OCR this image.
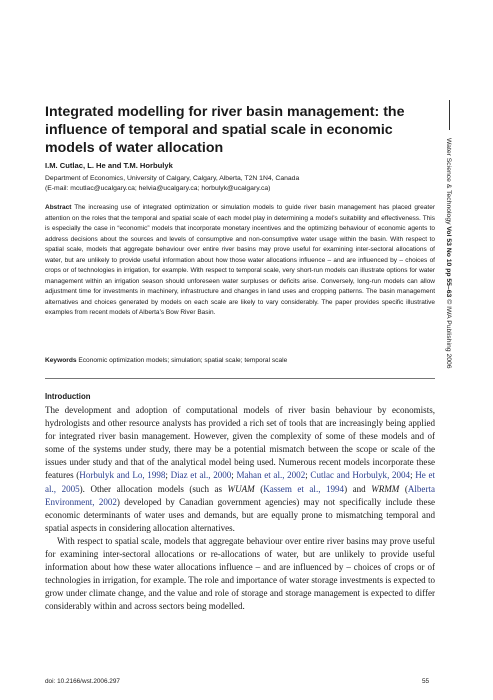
Integrated modelling for river basin management: the influence of temporal and spatial scale in economic models of water allocation
I.M. Cutlac, L. He and T.M. Horbulyk
Department of Economics, University of Calgary, Calgary, Alberta, T2N 1N4, Canada
(E-mail: mcutlac@ucalgary.ca; helvia@ucalgary.ca; horbulyk@ucalgary.ca)
Abstract The increasing use of integrated optimization or simulation models to guide river basin management has placed greater attention on the roles that the temporal and spatial scale of each model play in determining a model’s suitability and effectiveness. This is especially the case in “economic” models that incorporate monetary incentives and the optimizing behaviour of economic agents to address decisions about the sources and levels of consumptive and non-consumptive water usage within the basin. With respect to spatial scale, models that aggregate behaviour over entire river basins may prove useful for examining inter-sectoral allocations of water, but are unlikely to provide useful information about how those water allocations influence – and are influenced by – choices of crops or of technologies in irrigation, for example. With respect to temporal scale, very short-run models can illustrate options for water management within an irrigation season should unforeseen water surpluses or deficits arise. Conversely, long-run models can allow adjustment time for investments in machinery, infrastructure and changes in land uses and cropping patterns. The basin management alternatives and choices generated by models on each scale are likely to vary considerably. The paper provides specific illustrative examples from recent models of Alberta’s Bow River Basin.
Keywords Economic optimization models; simulation; spatial scale; temporal scale
Introduction

The development and adoption of computational models of river basin behaviour by economists, hydrologists and other resource analysts has provided a rich set of tools that are increasingly being applied for integrated river basin management. However, given the complexity of some of these models and of some of the systems under study, there may be a potential mismatch between the scope or scale of the issues under study and that of the analytical model being used. Numerous recent models incorporate these features (Horbulyk and Lo, 1998; Diaz et al., 2000; Mahan et al., 2002; Cutlac and Horbulyk, 2004; He et al., 2005). Other allocation models (such as WUAM (Kassem et al., 1994) and WRMM (Alberta Environment, 2002) developed by Canadian government agencies) may not specifically include these economic determinants of water uses and demands, but are equally prone to mismatching temporal and spatial aspects in considering allocation alternatives.

With respect to spatial scale, models that aggregate behaviour over entire river basins may prove useful for examining inter-sectoral allocations or re-allocations of water, but are unlikely to provide useful information about how these water allocations influence – and are influenced by – choices of crops or of technologies in irrigation, for example. The role and importance of water storage investments is expected to grow under climate change, and the value and role of storage and storage management is expected to differ considerably within and across sectors being modelled.

doi: 10.2166/wst.2006.297	55
Water Science & Technology Vol 53 No 10 pp 55–63 © IWA Publishing 2006
